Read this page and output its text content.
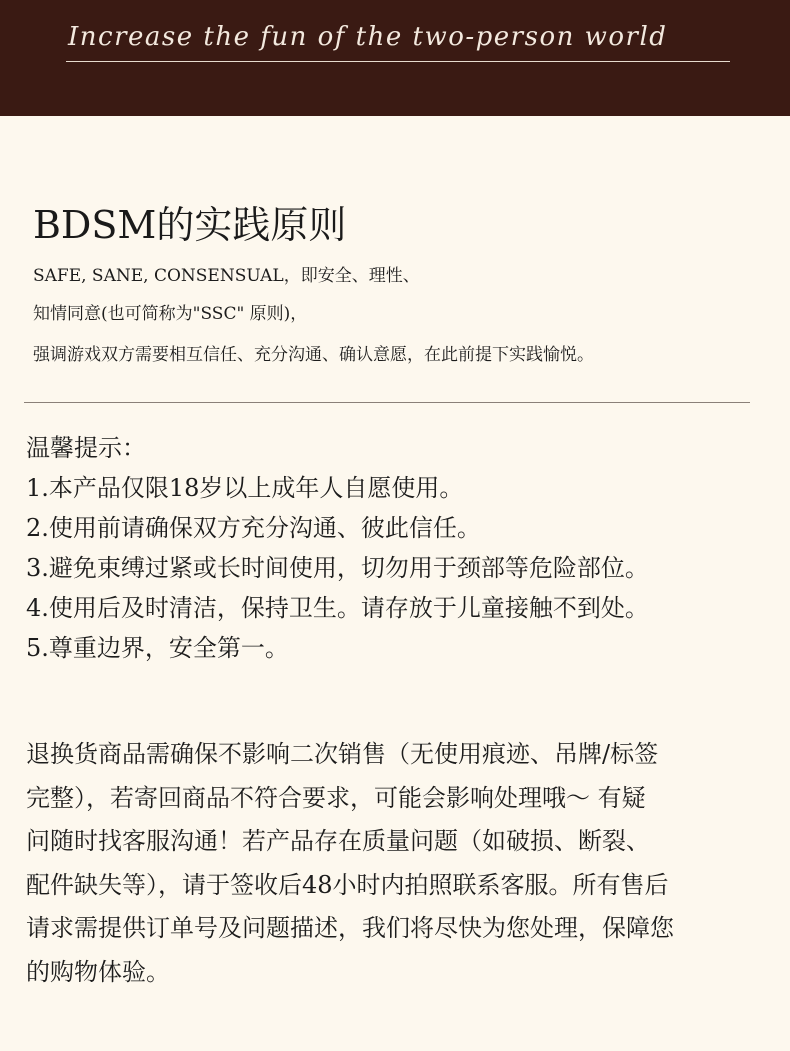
Increase the fun of the two-person world
BDSM的实践原则
SAFE, SANE, CONSENSUAL，即安全、理性、
知情同意(也可简称为"SSC" 原则)，
强调游戏双方需要相互信任、充分沟通、确认意愿，在此前提下实践愉悦。
温馨提示：
1.本产品仅限18岁以上成年人自愿使用。
2.使用前请确保双方充分沟通、彼此信任。
3.避免束缚过紧或长时间使用，切勿用于颈部等危险部位。
4.使用后及时清洁，保持卫生。请存放于儿童接触不到处。
5.尊重边界，安全第一。
退换货商品需确保不影响二次销售（无使用痕迹、吊牌/标签
完整），若寄回商品不符合要求，可能会影响处理哦～ 有疑
问随时找客服沟通！若产品存在质量问题（如破损、断裂、
配件缺失等），请于签收后48小时内拍照联系客服。所有售后
请求需提供订单号及问题描述，我们将尽快为您处理，保障您
的购物体验。
